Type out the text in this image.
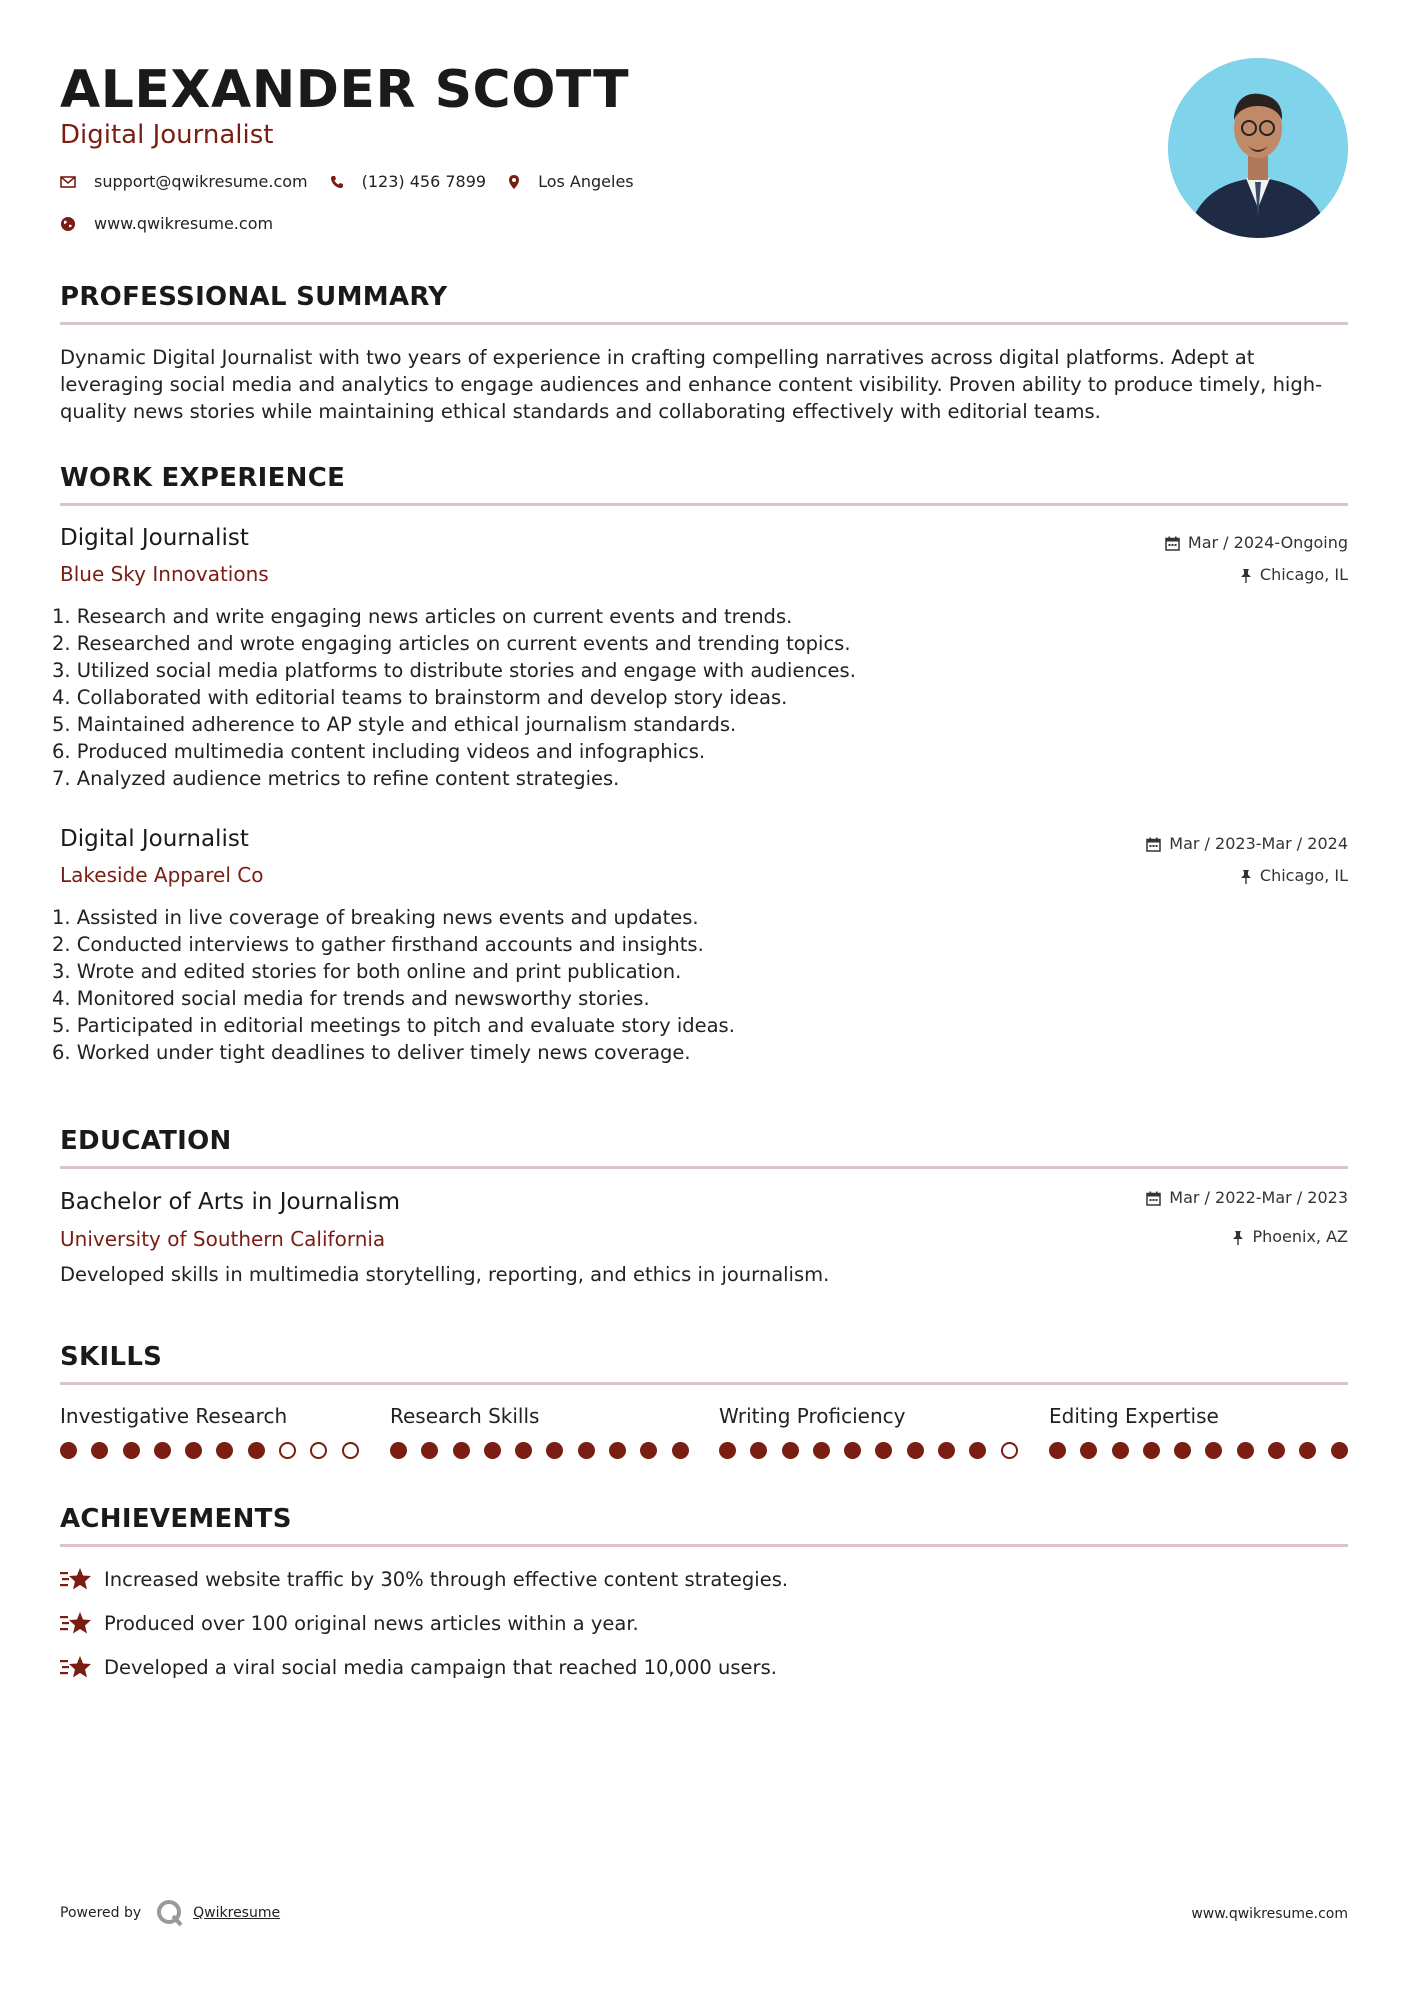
ALEXANDER SCOTT
Digital Journalist
support@qwikresume.com	(123) 456 7899	Los Angeles
www.qwikresume.com
PROFESSIONAL SUMMARY
Dynamic Digital Journalist with two years of experience in crafting compelling narratives across digital platforms. Adept at leveraging social media and analytics to engage audiences and enhance content visibility. Proven ability to produce timely, high-quality news stories while maintaining ethical standards and collaborating effectively with editorial teams.
WORK EXPERIENCE
Digital Journalist
Blue Sky Innovations
Mar / 2024-Ongoing
Chicago, IL
1. Research and write engaging news articles on current events and trends.
2. Researched and wrote engaging articles on current events and trending topics.
3. Utilized social media platforms to distribute stories and engage with audiences.
4. Collaborated with editorial teams to brainstorm and develop story ideas.
5. Maintained adherence to AP style and ethical journalism standards.
6. Produced multimedia content including videos and infographics.
7. Analyzed audience metrics to refine content strategies.
Digital Journalist
Lakeside Apparel Co
Mar / 2023-Mar / 2024
Chicago, IL
1. Assisted in live coverage of breaking news events and updates.
2. Conducted interviews to gather firsthand accounts and insights.
3. Wrote and edited stories for both online and print publication.
4. Monitored social media for trends and newsworthy stories.
5. Participated in editorial meetings to pitch and evaluate story ideas.
6. Worked under tight deadlines to deliver timely news coverage.
EDUCATION
Bachelor of Arts in Journalism
University of Southern California
Mar / 2022-Mar / 2023
Phoenix, AZ
Developed skills in multimedia storytelling, reporting, and ethics in journalism.
SKILLS
Investigative Research	Research Skills	Writing Proficiency	Editing Expertise
ACHIEVEMENTS
Increased website traffic by 30% through effective content strategies.
Produced over 100 original news articles within a year.
Developed a viral social media campaign that reached 10,000 users.
Powered by	Qwikresume	www.qwikresume.com
